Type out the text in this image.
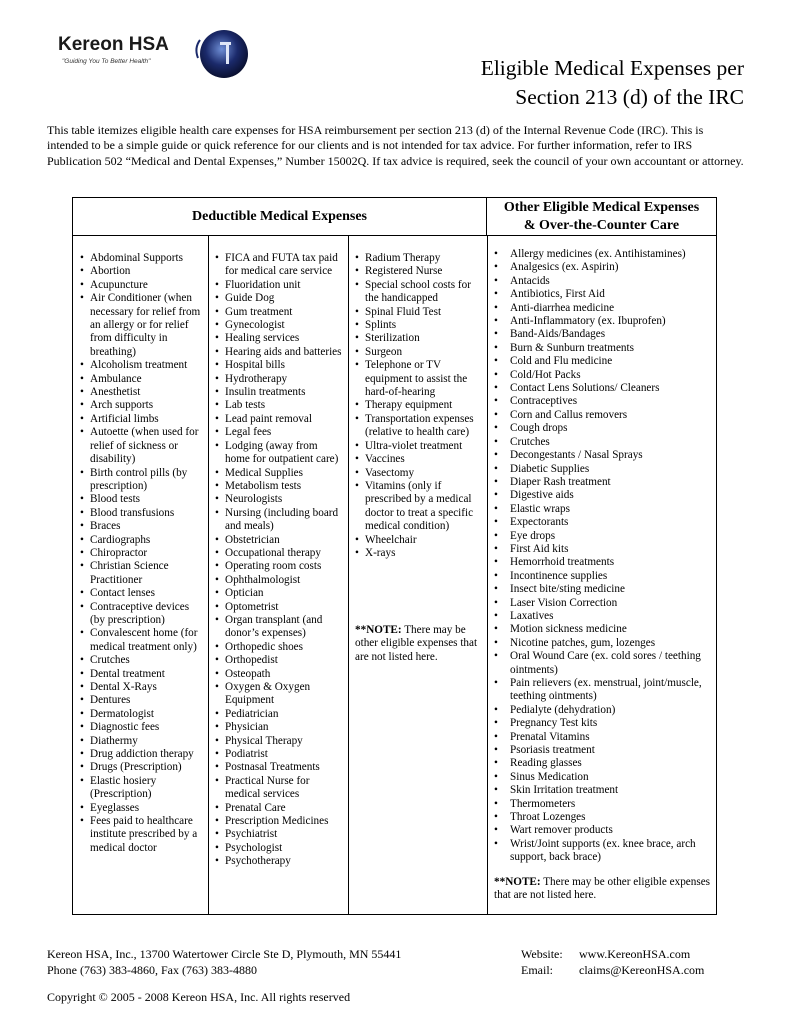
Kereon HSA
"Guiding You To Better Health"	Eligible Medical Expenses per
Section 213 (d) of the IRC
This table itemizes eligible health care expenses for HSA reimbursement per section 213 (d) of the Internal Revenue Code (IRC). This is intended to be a simple guide or quick reference for our clients and is not intended for tax advice. For further information, refer to IRS Publication 502 “Medical and Dental Expenses,” Number 15002Q. If tax advice is required, seek the council of your own accountant or attorney.
Deductible Medical Expenses
Other Eligible Medical Expenses
& Over-the-Counter Care
• Abdominal Supports
• Abortion
• Acupuncture
• Air Conditioner (when necessary for relief from an allergy or for relief from difficulty in breathing)
• Alcoholism treatment
• Ambulance
• Anesthetist
• Arch supports
• Artificial limbs
• Autoette (when used for relief of sickness or disability)
• Birth control pills (by prescription)
• Blood tests
• Blood transfusions
• Braces
• Cardiographs
• Chiropractor
• Christian Science Practitioner
• Contact lenses
• Contraceptive devices (by prescription)
• Convalescent home (for medical treatment only)
• Crutches
• Dental treatment
• Dental X-Rays
• Dentures
• Dermatologist
• Diagnostic fees
• Diathermy
• Drug addiction therapy
• Drugs (Prescription)
• Elastic hosiery (Prescription)
• Eyeglasses
• Fees paid to healthcare institute prescribed by a medical doctor
• FICA and FUTA tax paid for medical care service
• Fluoridation unit
• Guide Dog
• Gum treatment
• Gynecologist
• Healing services
• Hearing aids and batteries
• Hospital bills
• Hydrotherapy
• Insulin treatments
• Lab tests
• Lead paint removal
• Legal fees
• Lodging (away from home for outpatient care)
• Medical Supplies
• Metabolism tests
• Neurologists
• Nursing (including board and meals)
• Obstetrician
• Occupational therapy
• Operating room costs
• Ophthalmologist
• Optician
• Optometrist
• Organ transplant (and donor’s expenses)
• Orthopedic shoes
• Orthopedist
• Osteopath
• Oxygen & Oxygen Equipment
• Pediatrician
• Physician
• Physical Therapy
• Podiatrist
• Postnasal Treatments
• Practical Nurse for medical services
• Prenatal Care
• Prescription Medicines
• Psychiatrist
• Psychologist
• Psychotherapy
• Radium Therapy
• Registered Nurse
• Special school costs for the handicapped
• Spinal Fluid Test
• Splints
• Sterilization
• Surgeon
• Telephone or TV equipment to assist the hard-of-hearing
• Therapy equipment
• Transportation expenses (relative to health care)
• Ultra-violet treatment
• Vaccines
• Vasectomy
• Vitamins (only if prescribed by a medical doctor to treat a specific medical condition)
• Wheelchair
• X-rays
**NOTE: There may be other eligible expenses that are not listed here.
• Allergy medicines (ex. Antihistamines)
• Analgesics (ex. Aspirin)
• Antacids
• Antibiotics, First Aid
• Anti-diarrhea medicine
• Anti-Inflammatory (ex. Ibuprofen)
• Band-Aids/Bandages
• Burn & Sunburn treatments
• Cold and Flu medicine
• Cold/Hot Packs
• Contact Lens Solutions/ Cleaners
• Contraceptives
• Corn and Callus removers
• Cough drops
• Crutches
• Decongestants / Nasal Sprays
• Diabetic Supplies
• Diaper Rash treatment
• Digestive aids
• Elastic wraps
• Expectorants
• Eye drops
• First Aid kits
• Hemorrhoid treatments
• Incontinence supplies
• Insect bite/sting medicine
• Laser Vision Correction
• Laxatives
• Motion sickness medicine
• Nicotine patches, gum, lozenges
• Oral Wound Care (ex. cold sores / teething ointments)
• Pain relievers (ex. menstrual, joint/muscle, teething ointments)
• Pedialyte (dehydration)
• Pregnancy Test kits
• Prenatal Vitamins
• Psoriasis treatment
• Reading glasses
• Sinus Medication
• Skin Irritation treatment
• Thermometers
• Throat Lozenges
• Wart remover products
• Wrist/Joint supports (ex. knee brace, arch support, back brace)
**NOTE: There may be other eligible expenses that are not listed here.
Kereon HSA, Inc., 13700 Watertower Circle Ste D, Plymouth, MN 55441
Phone (763) 383-4860, Fax (763) 383-4880
Website: www.KereonHSA.com
Email: claims@KereonHSA.com
Copyright © 2005 - 2008 Kereon HSA, Inc. All rights reserved
